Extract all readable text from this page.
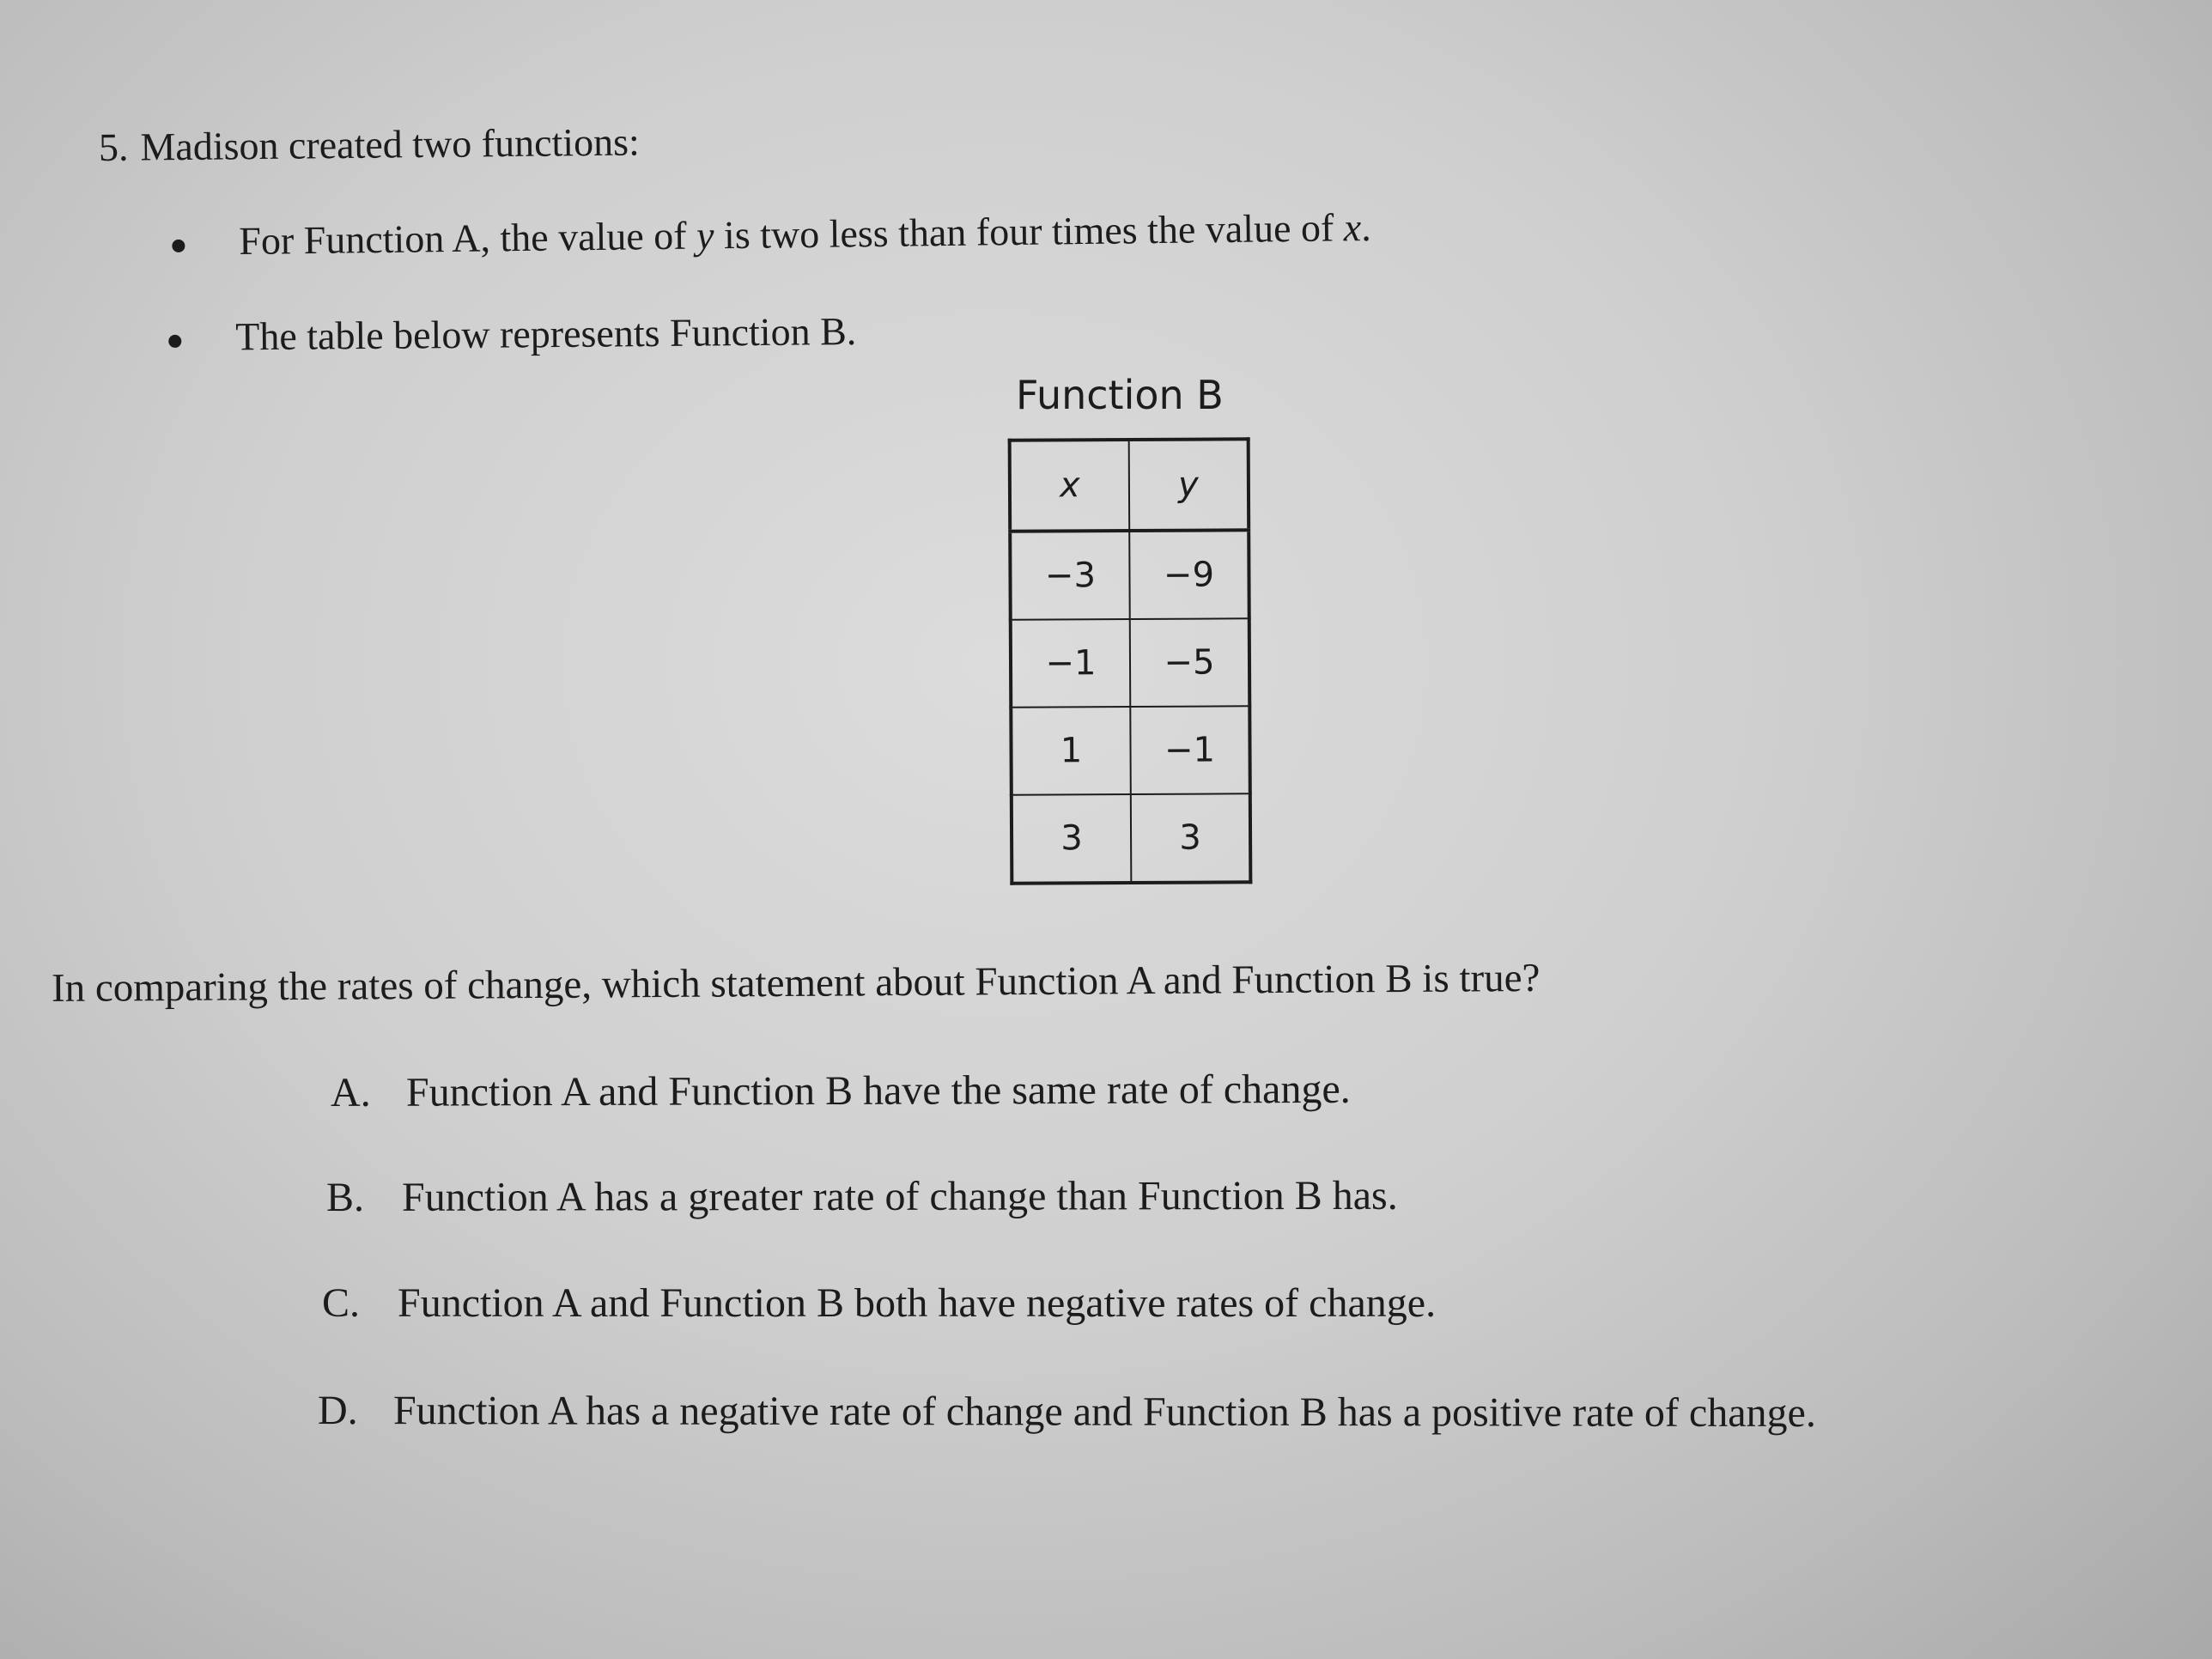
5. Madison created two functions:
For Function A, the value of y is two less than four times the value of x.
The table below represents Function B.
Function B
x	y
−3	−9
−1	−5
1	−1
3	3
In comparing the rates of change, which statement about Function A and Function B is true?
A. Function A and Function B have the same rate of change.
B. Function A has a greater rate of change than Function B has.
C. Function A and Function B both have negative rates of change.
D. Function A has a negative rate of change and Function B has a positive rate of change.
